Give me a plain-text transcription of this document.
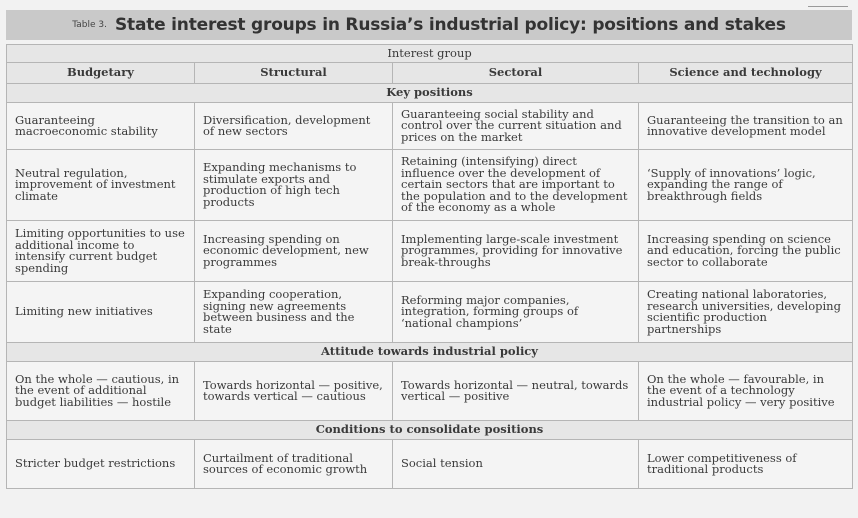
Table 3. State interest groups in Russia’s industrial policy: positions and stakes
Interest group			
Budgetary	Structural	Sectoral	Science and technology
Key positions			
Guaranteeing macroeconomic stability	Diversification, development of new sectors	Guaranteeing social stability and control over the current situation and prices on the market	Guaranteeing the transition to an innovative development model
Neutral regulation, improvement of investment climate	Expanding mechanisms to stimulate exports and production of high tech products	Retaining (intensifying) direct influence over the development of certain sectors that are important to the population and to the development of the economy as a whole	‘Supply of innovations’ logic, expanding the range of breakthrough fields
Limiting opportunities to use additional income to intensify current budget spending	Increasing spending on economic development, new programmes	Implementing large-scale investment programmes, providing for innovative break-throughs	Increasing spending on science and education, forcing the public sector to collaborate
Limiting new initiatives	Expanding cooperation, signing new agreements between business and the state	Reforming major companies, integration, forming groups of ‘national champions’	Creating national laboratories, research universities, developing scientific production partnerships
Attitude towards industrial policy			
On the whole — cautious, in the event of additional budget liabilities — hostile	Towards horizontal — positive, towards vertical — cautious	Towards horizontal — neutral, towards vertical — positive	On the whole — favourable, in the event of a technology industrial policy — very positive
Conditions to consolidate positions			
Stricter budget restrictions	Curtailment of traditional sources of economic growth	Social tension	Lower competitiveness of traditional products
